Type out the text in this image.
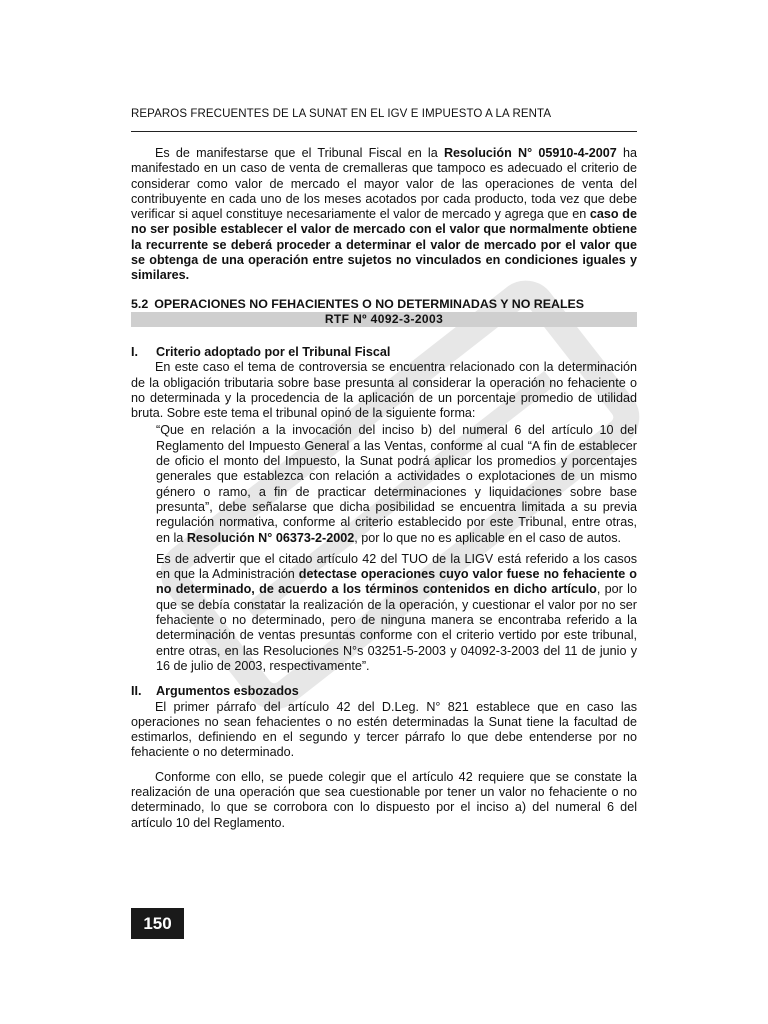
REPAROS FRECUENTES DE LA SUNAT EN EL IGV E IMPUESTO A LA RENTA

Es de manifestarse que el Tribunal Fiscal en la Resolución N° 05910-4-2007 ha manifestado en un caso de venta de cremalleras que tampoco es adecuado el criterio de considerar como valor de mercado el mayor valor de las operaciones de venta del contribuyente en cada uno de los meses acotados por cada producto, toda vez que debe verificar si aquel constituye necesariamente el valor de mercado y agrega que en caso de no ser posible establecer el valor de mercado con el valor que normalmente obtiene la recurrente se deberá proceder a determinar el valor de mercado por el valor que se obtenga de una operación entre sujetos no vinculados en condiciones iguales y similares.

5.2 OPERACIONES NO FEHACIENTES O NO DETERMINADAS Y NO REALES

RTF Nº 4092-3-2003

I. Criterio adoptado por el Tribunal Fiscal

En este caso el tema de controversia se encuentra relacionado con la determinación de la obligación tributaria sobre base presunta al considerar la operación no fehaciente o no determinada y la procedencia de la aplicación de un porcentaje promedio de utilidad bruta. Sobre este tema el tribunal opinó de la siguiente forma:

“Que en relación a la invocación del inciso b) del numeral 6 del artículo 10 del Reglamento del Impuesto General a las Ventas, conforme al cual “A fin de establecer de oficio el monto del Impuesto, la Sunat podrá aplicar los promedios y porcentajes generales que establezca con relación a actividades o explotaciones de un mismo género o ramo, a fin de practicar determinaciones y liquidaciones sobre base presunta”, debe señalarse que dicha posibilidad se encuentra limitada a su previa regulación normativa, conforme al criterio establecido por este Tribunal, entre otras, en la Resolución N° 06373-2-2002, por lo que no es aplicable en el caso de autos.

Es de advertir que el citado artículo 42 del TUO de la LIGV está referido a los casos en que la Administración detectase operaciones cuyo valor fuese no fehaciente o no determinado, de acuerdo a los términos contenidos en dicho artículo, por lo que se debía constatar la realización de la operación, y cuestionar el valor por no ser fehaciente o no determinado, pero de ninguna manera se encontraba referido a la determinación de ventas presuntas conforme con el criterio vertido por este tribunal, entre otras, en las Resoluciones N°s 03251-5-2003 y 04092-3-2003 del 11 de junio y 16 de julio de 2003, respectivamente”.

II. Argumentos esbozados

El primer párrafo del artículo 42 del D.Leg. N° 821 establece que en caso las operaciones no sean fehacientes o no estén determinadas la Sunat tiene la facultad de estimarlos, definiendo en el segundo y tercer párrafo lo que debe entenderse por no fehaciente o no determinado.

Conforme con ello, se puede colegir que el artículo 42 requiere que se constate la realización de una operación que sea cuestionable por tener un valor no fehaciente o no determinado, lo que se corrobora con lo dispuesto por el inciso a) del numeral 6 del artículo 10 del Reglamento.

150
